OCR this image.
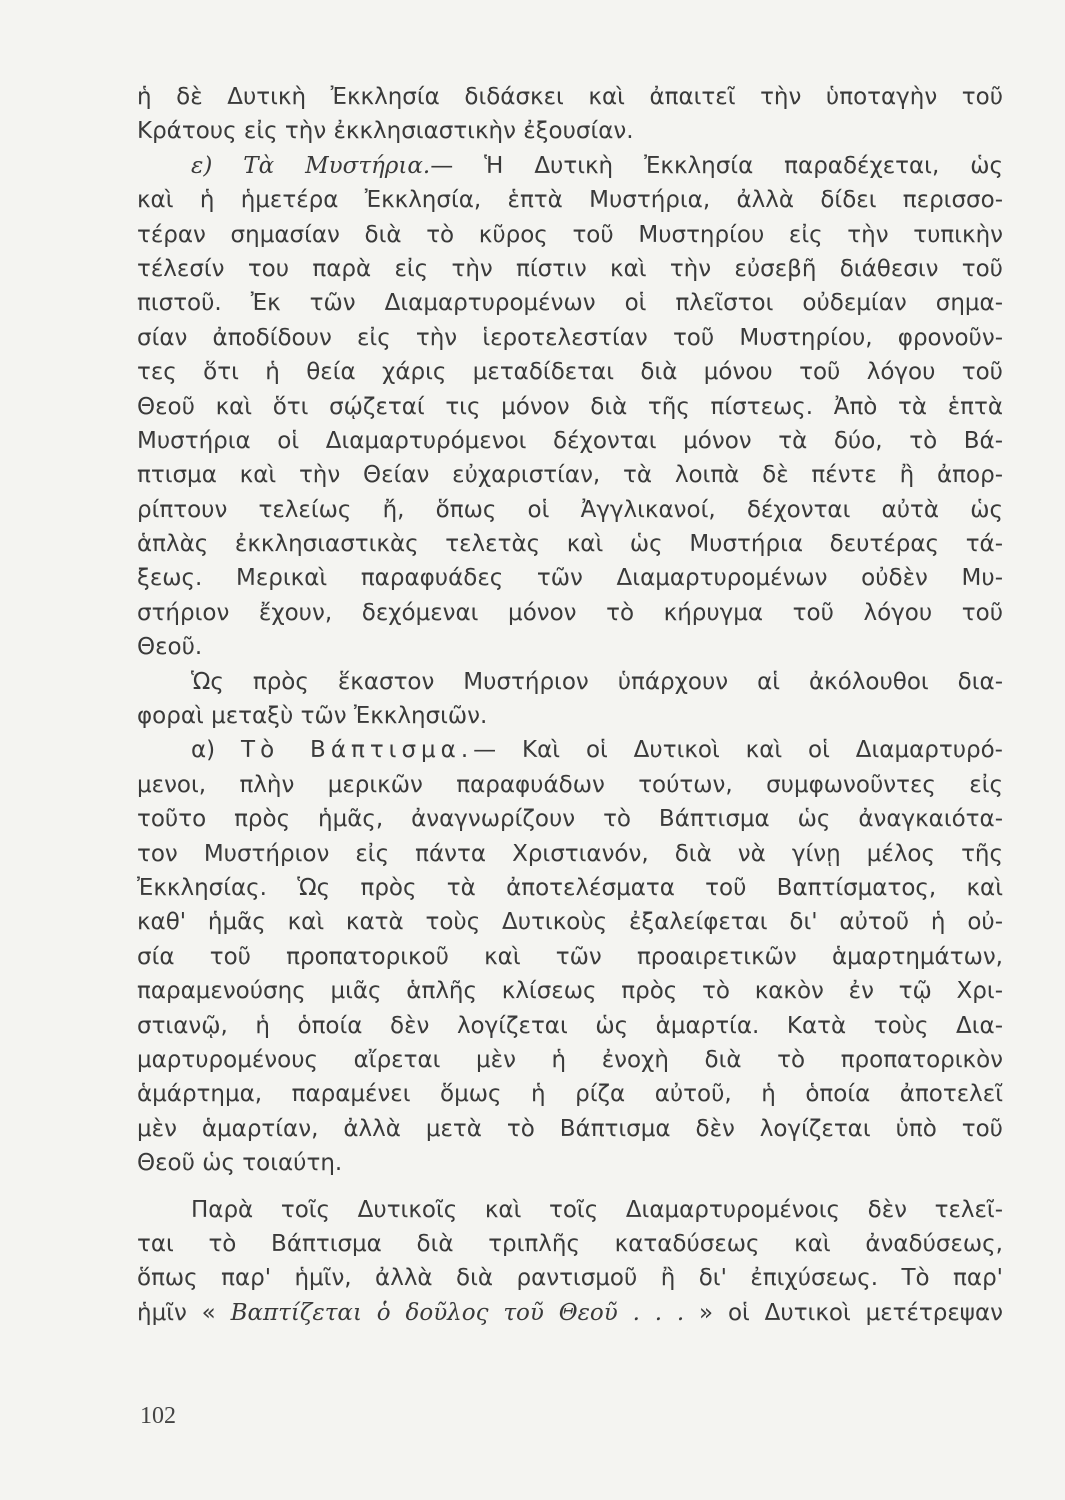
ἡ δὲ Δυτικὴ Ἐκκλησία διδάσκει καὶ ἀπαιτεῖ τὴν ὑποταγὴν τοῦ
Κράτους εἰς τὴν ἐκκλησιαστικὴν ἐξουσίαν.
ε) Τὰ Μυστήρια.— Ἡ Δυτικὴ Ἐκκλησία παραδέχεται, ὡς
καὶ ἡ ἡμετέρα Ἐκκλησία, ἑπτὰ Μυστήρια, ἀλλὰ δίδει περισσο-
τέραν σημασίαν διὰ τὸ κῦρος τοῦ Μυστηρίου εἰς τὴν τυπικὴν
τέλεσίν του παρὰ εἰς τὴν πίστιν καὶ τὴν εὐσεβῆ διάθεσιν τοῦ
πιστοῦ. Ἐκ τῶν Διαμαρτυρομένων οἱ πλεῖστοι οὐδεμίαν σημα-
σίαν ἀποδίδουν εἰς τὴν ἱεροτελεστίαν τοῦ Μυστηρίου, φρονοῦν-
τες ὅτι ἡ θεία χάρις μεταδίδεται διὰ μόνου τοῦ λόγου τοῦ
Θεοῦ καὶ ὅτι σῴζεταί τις μόνον διὰ τῆς πίστεως. Ἀπὸ τὰ ἑπτὰ
Μυστήρια οἱ Διαμαρτυρόμενοι δέχονται μόνον τὰ δύο, τὸ Βά-
πτισμα καὶ τὴν Θείαν εὐχαριστίαν, τὰ λοιπὰ δὲ πέντε ἢ ἀπορ-
ρίπτουν τελείως ἤ, ὅπως οἱ Ἀγγλικανοί, δέχονται αὐτὰ ὡς
ἁπλὰς ἐκκλησιαστικὰς τελετὰς καὶ ὡς Μυστήρια δευτέρας τά-
ξεως. Μερικαὶ παραφυάδες τῶν Διαμαρτυρομένων οὐδὲν Μυ-
στήριον ἔχουν, δεχόμεναι μόνον τὸ κήρυγμα τοῦ λόγου τοῦ
Θεοῦ.
Ὡς πρὸς ἕκαστον Μυστήριον ὑπάρχουν αἱ ἀκόλουθοι δια-
φοραὶ μεταξὺ τῶν Ἐκκλησιῶν.
α) Τὸ Βάπτισμα.— Καὶ οἱ Δυτικοὶ καὶ οἱ Διαμαρτυρό-
μενοι, πλὴν μερικῶν παραφυάδων τούτων, συμφωνοῦντες εἰς
τοῦτο πρὸς ἡμᾶς, ἀναγνωρίζουν τὸ Βάπτισμα ὡς ἀναγκαιότα-
τον Μυστήριον εἰς πάντα Χριστιανόν, διὰ νὰ γίνῃ μέλος τῆς
Ἐκκλησίας. Ὡς πρὸς τὰ ἀποτελέσματα τοῦ Βαπτίσματος, καὶ
καθ' ἡμᾶς καὶ κατὰ τοὺς Δυτικοὺς ἐξαλείφεται δι' αὐτοῦ ἡ οὐ-
σία τοῦ προπατορικοῦ καὶ τῶν προαιρετικῶν ἁμαρτημάτων,
παραμενούσης μιᾶς ἁπλῆς κλίσεως πρὸς τὸ κακὸν ἐν τῷ Χρι-
στιανῷ, ἡ ὁποία δὲν λογίζεται ὡς ἁμαρτία. Κατὰ τοὺς Δια-
μαρτυρομένους αἴρεται μὲν ἡ ἐνοχὴ διὰ τὸ προπατορικὸν
ἁμάρτημα, παραμένει ὅμως ἡ ρίζα αὐτοῦ, ἡ ὁποία ἀποτελεῖ
μὲν ἁμαρτίαν, ἀλλὰ μετὰ τὸ Βάπτισμα δὲν λογίζεται ὑπὸ τοῦ
Θεοῦ ὡς τοιαύτη.
Παρὰ τοῖς Δυτικοῖς καὶ τοῖς Διαμαρτυρομένοις δὲν τελεῖ-
ται τὸ Βάπτισμα διὰ τριπλῆς καταδύσεως καὶ ἀναδύσεως,
ὅπως παρ' ἡμῖν, ἀλλὰ διὰ ραντισμοῦ ἢ δι' ἐπιχύσεως. Τὸ παρ'
ἡμῖν « Βαπτίζεται ὁ δοῦλος τοῦ Θεοῦ . . . » οἱ Δυτικοὶ μετέτρεψαν
102
